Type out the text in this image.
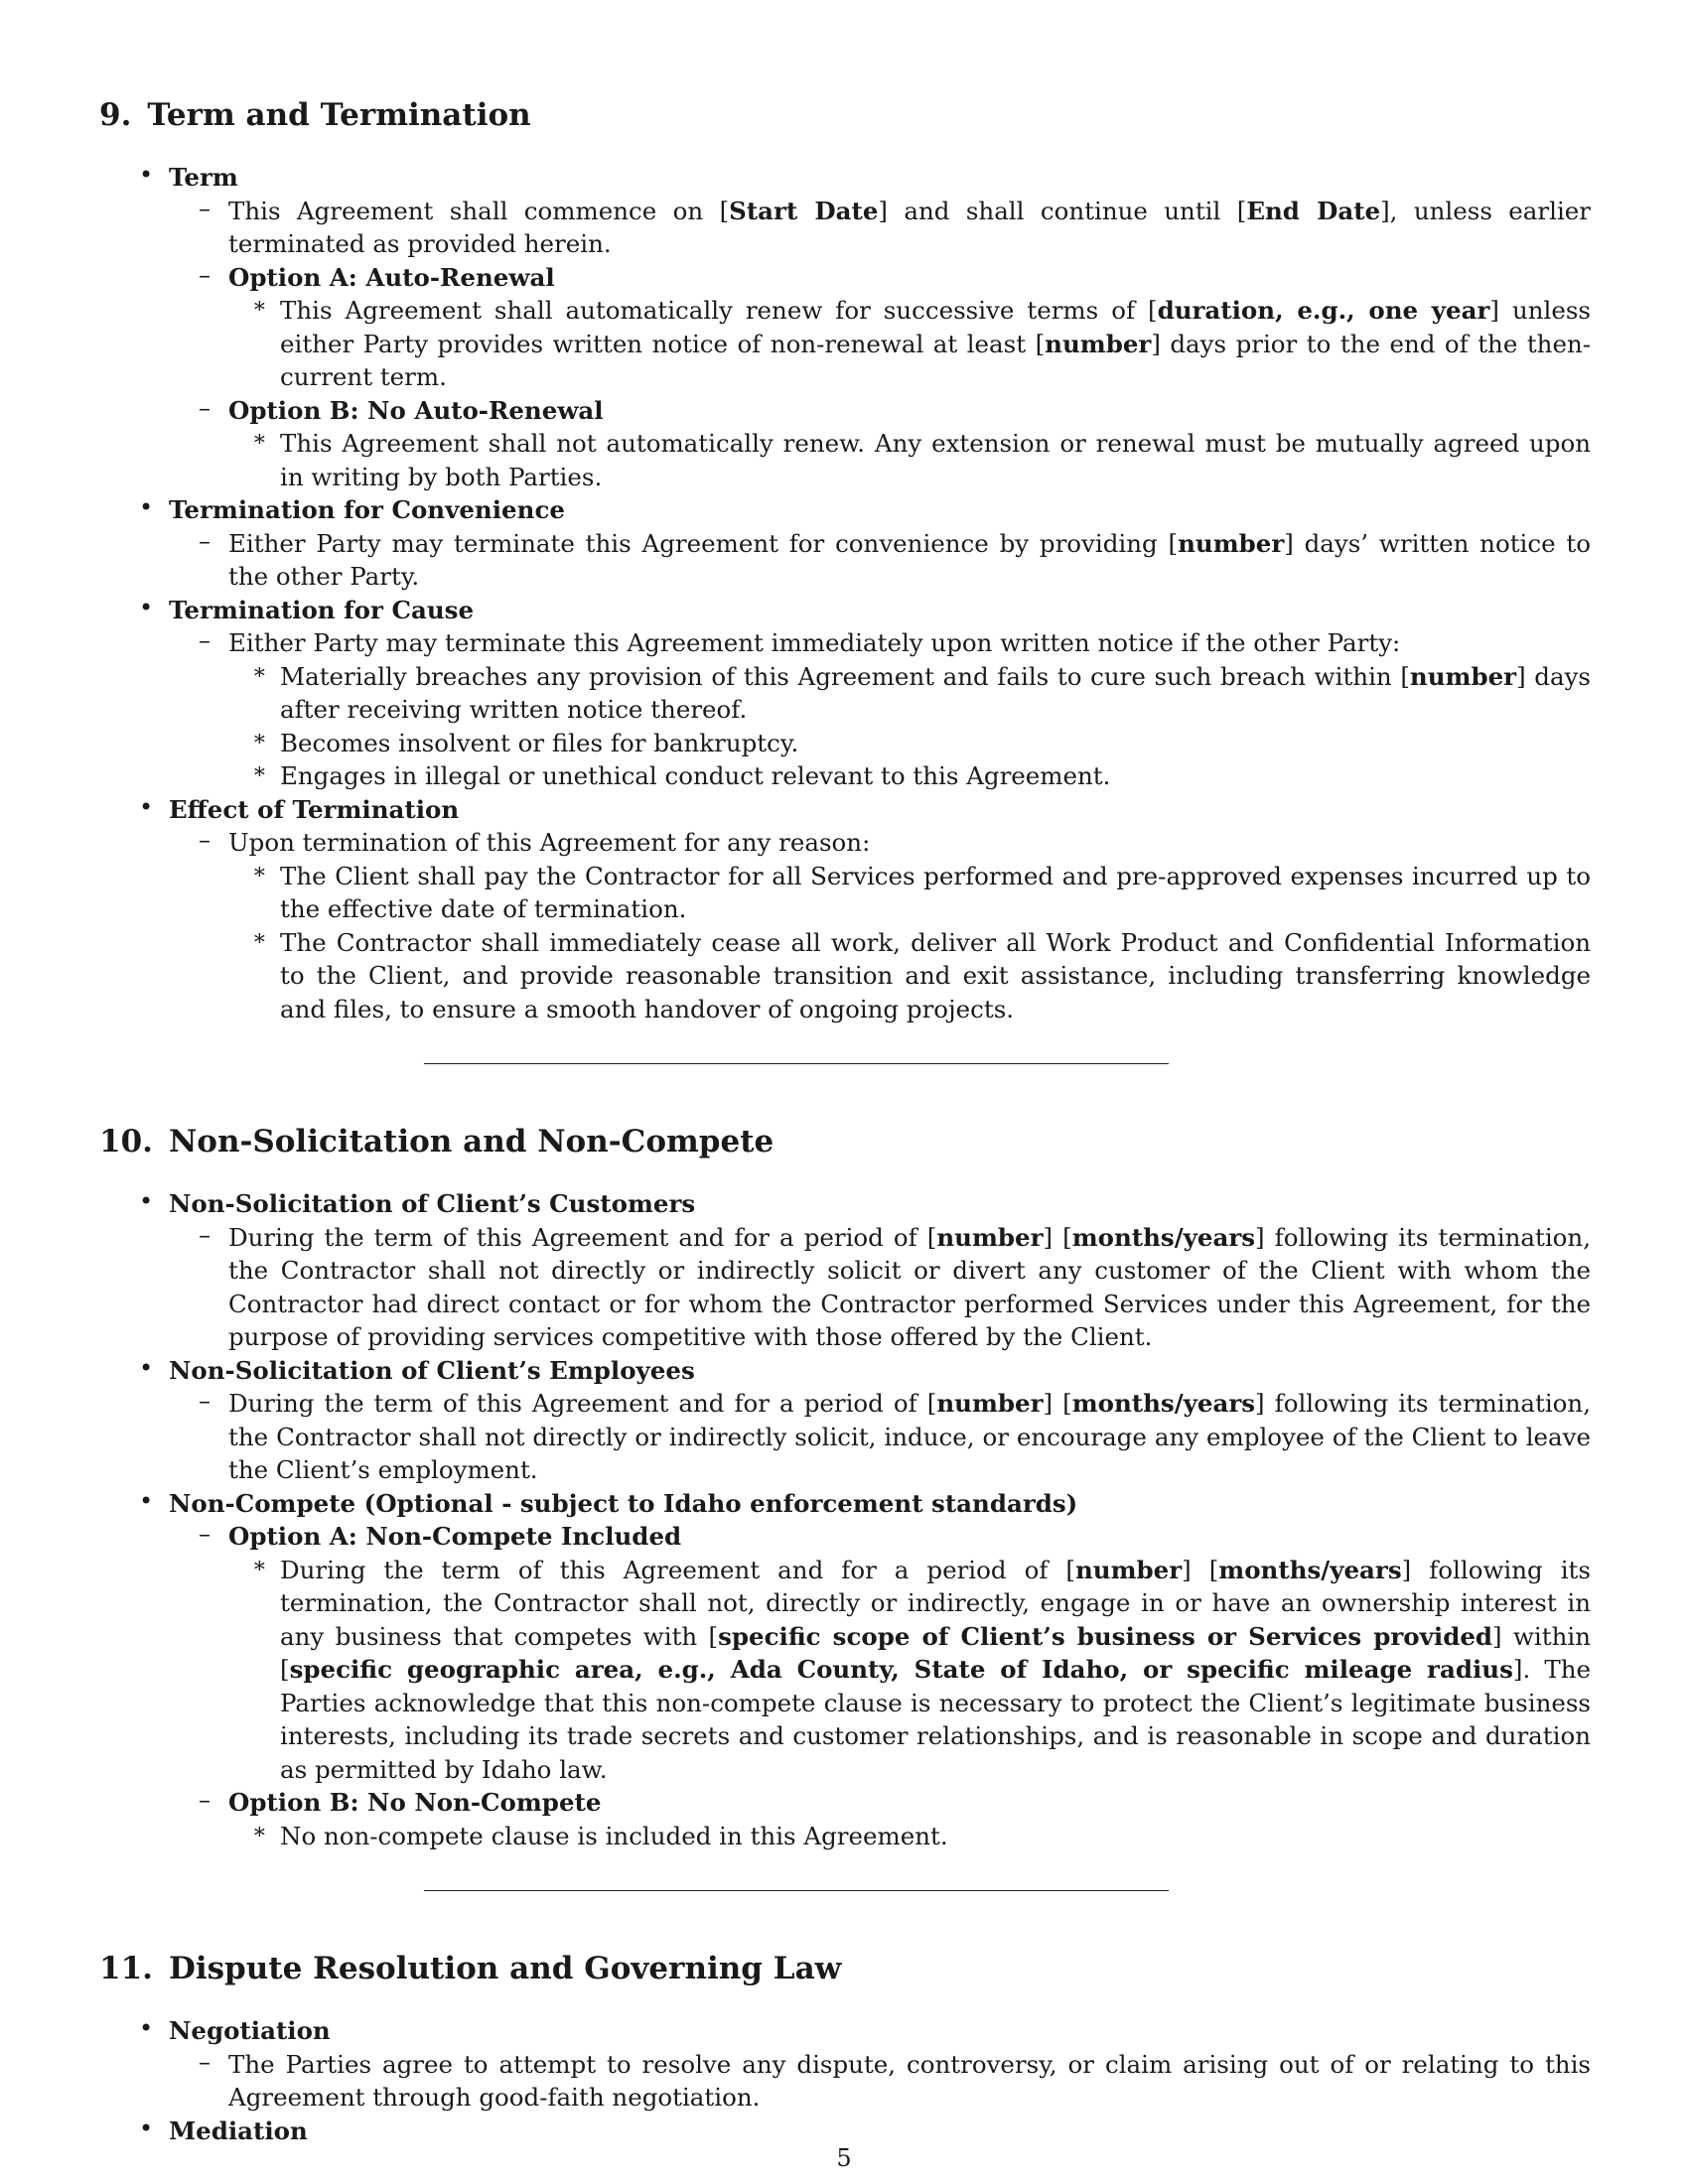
9. Term and Termination
• Term
– This Agreement shall commence on [Start Date] and shall continue until [End Date], unless earlier terminated as provided herein.
– Option A: Auto-Renewal
∗ This Agreement shall automatically renew for successive terms of [duration, e.g., one year] unless either Party provides written notice of non-renewal at least [number] days prior to the end of the then-current term.
– Option B: No Auto-Renewal
∗ This Agreement shall not automatically renew. Any extension or renewal must be mutually agreed upon in writing by both Parties.
• Termination for Convenience
– Either Party may terminate this Agreement for convenience by providing [number] days’ written notice to the other Party.
• Termination for Cause
– Either Party may terminate this Agreement immediately upon written notice if the other Party:
∗ Materially breaches any provision of this Agreement and fails to cure such breach within [number] days after receiving written notice thereof.
∗ Becomes insolvent or files for bankruptcy.
∗ Engages in illegal or unethical conduct relevant to this Agreement.
• Effect of Termination
– Upon termination of this Agreement for any reason:
∗ The Client shall pay the Contractor for all Services performed and pre-approved expenses incurred up to the effective date of termination.
∗ The Contractor shall immediately cease all work, deliver all Work Product and Confidential Information to the Client, and provide reasonable transition and exit assistance, including transferring knowledge and files, to ensure a smooth handover of ongoing projects.
10. Non-Solicitation and Non-Compete
• Non-Solicitation of Client’s Customers
– During the term of this Agreement and for a period of [number] [months/years] following its termination, the Contractor shall not directly or indirectly solicit or divert any customer of the Client with whom the Contractor had direct contact or for whom the Contractor performed Services under this Agreement, for the purpose of providing services competitive with those offered by the Client.
• Non-Solicitation of Client’s Employees
– During the term of this Agreement and for a period of [number] [months/years] following its termination, the Contractor shall not directly or indirectly solicit, induce, or encourage any employee of the Client to leave the Client’s employment.
• Non-Compete (Optional - subject to Idaho enforcement standards)
– Option A: Non-Compete Included
∗ During the term of this Agreement and for a period of [number] [months/years] following its termination, the Contractor shall not, directly or indirectly, engage in or have an ownership interest in any business that competes with [specific scope of Client’s business or Services provided] within [specific geographic area, e.g., Ada County, State of Idaho, or specific mileage radius]. The Parties acknowledge that this non-compete clause is necessary to protect the Client’s legitimate business interests, including its trade secrets and customer relationships, and is reasonable in scope and duration as permitted by Idaho law.
– Option B: No Non-Compete
∗ No non-compete clause is included in this Agreement.
11. Dispute Resolution and Governing Law
• Negotiation
– The Parties agree to attempt to resolve any dispute, controversy, or claim arising out of or relating to this Agreement through good-faith negotiation.
• Mediation
5
